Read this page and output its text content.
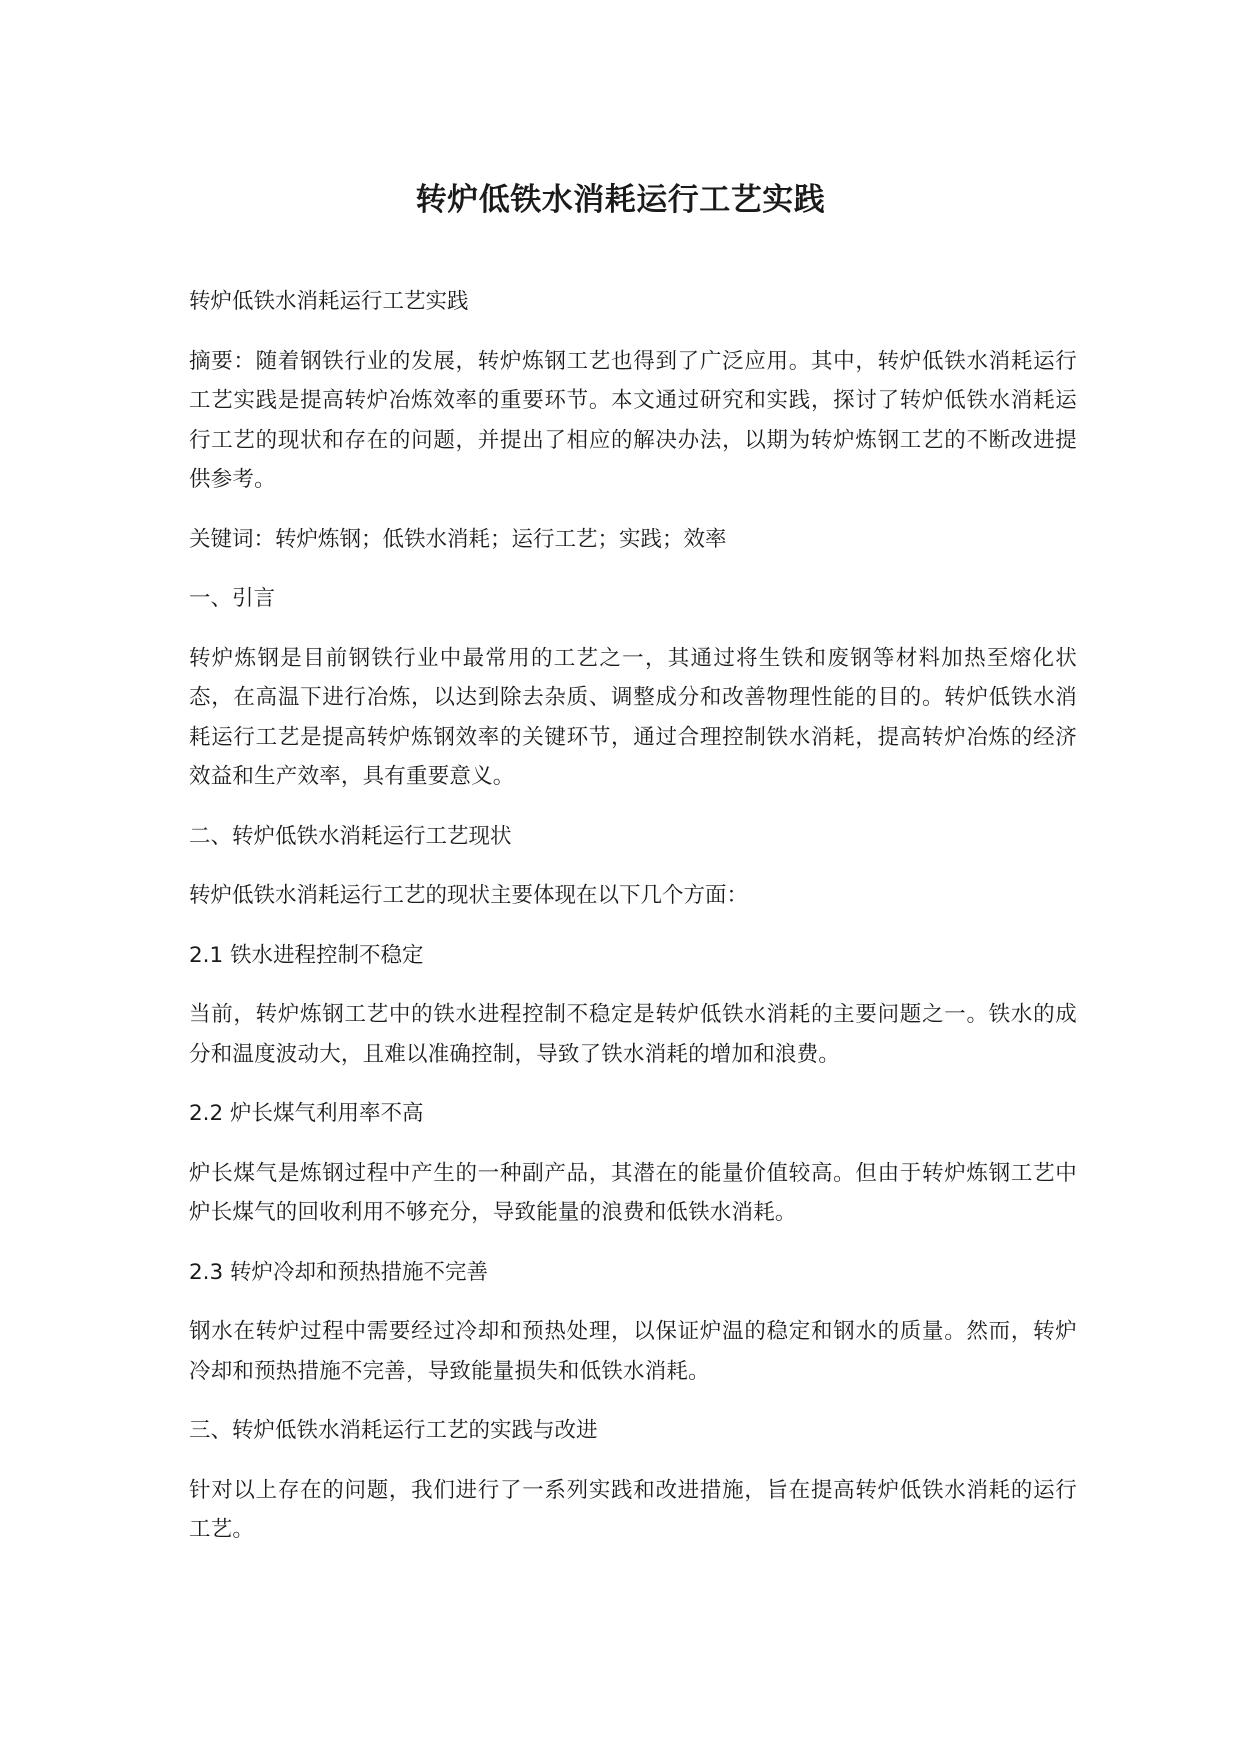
转炉低铁水消耗运行工艺实践

转炉低铁水消耗运行工艺实践

摘要：随着钢铁行业的发展，转炉炼钢工艺也得到了广泛应用。其中，转炉低铁水消耗运行工艺实践是提高转炉冶炼效率的重要环节。本文通过研究和实践，探讨了转炉低铁水消耗运行工艺的现状和存在的问题，并提出了相应的解决办法，以期为转炉炼钢工艺的不断改进提供参考。

关键词：转炉炼钢；低铁水消耗；运行工艺；实践；效率

一、引言

转炉炼钢是目前钢铁行业中最常用的工艺之一，其通过将生铁和废钢等材料加热至熔化状态，在高温下进行冶炼，以达到除去杂质、调整成分和改善物理性能的目的。转炉低铁水消耗运行工艺是提高转炉炼钢效率的关键环节，通过合理控制铁水消耗，提高转炉冶炼的经济效益和生产效率，具有重要意义。

二、转炉低铁水消耗运行工艺现状

转炉低铁水消耗运行工艺的现状主要体现在以下几个方面：

2.1 铁水进程控制不稳定

当前，转炉炼钢工艺中的铁水进程控制不稳定是转炉低铁水消耗的主要问题之一。铁水的成分和温度波动大，且难以准确控制，导致了铁水消耗的增加和浪费。

2.2 炉长煤气利用率不高

炉长煤气是炼钢过程中产生的一种副产品，其潜在的能量价值较高。但由于转炉炼钢工艺中炉长煤气的回收利用不够充分，导致能量的浪费和低铁水消耗。

2.3 转炉冷却和预热措施不完善

钢水在转炉过程中需要经过冷却和预热处理，以保证炉温的稳定和钢水的质量。然而，转炉冷却和预热措施不完善，导致能量损失和低铁水消耗。

三、转炉低铁水消耗运行工艺的实践与改进

针对以上存在的问题，我们进行了一系列实践和改进措施，旨在提高转炉低铁水消耗的运行工艺。
